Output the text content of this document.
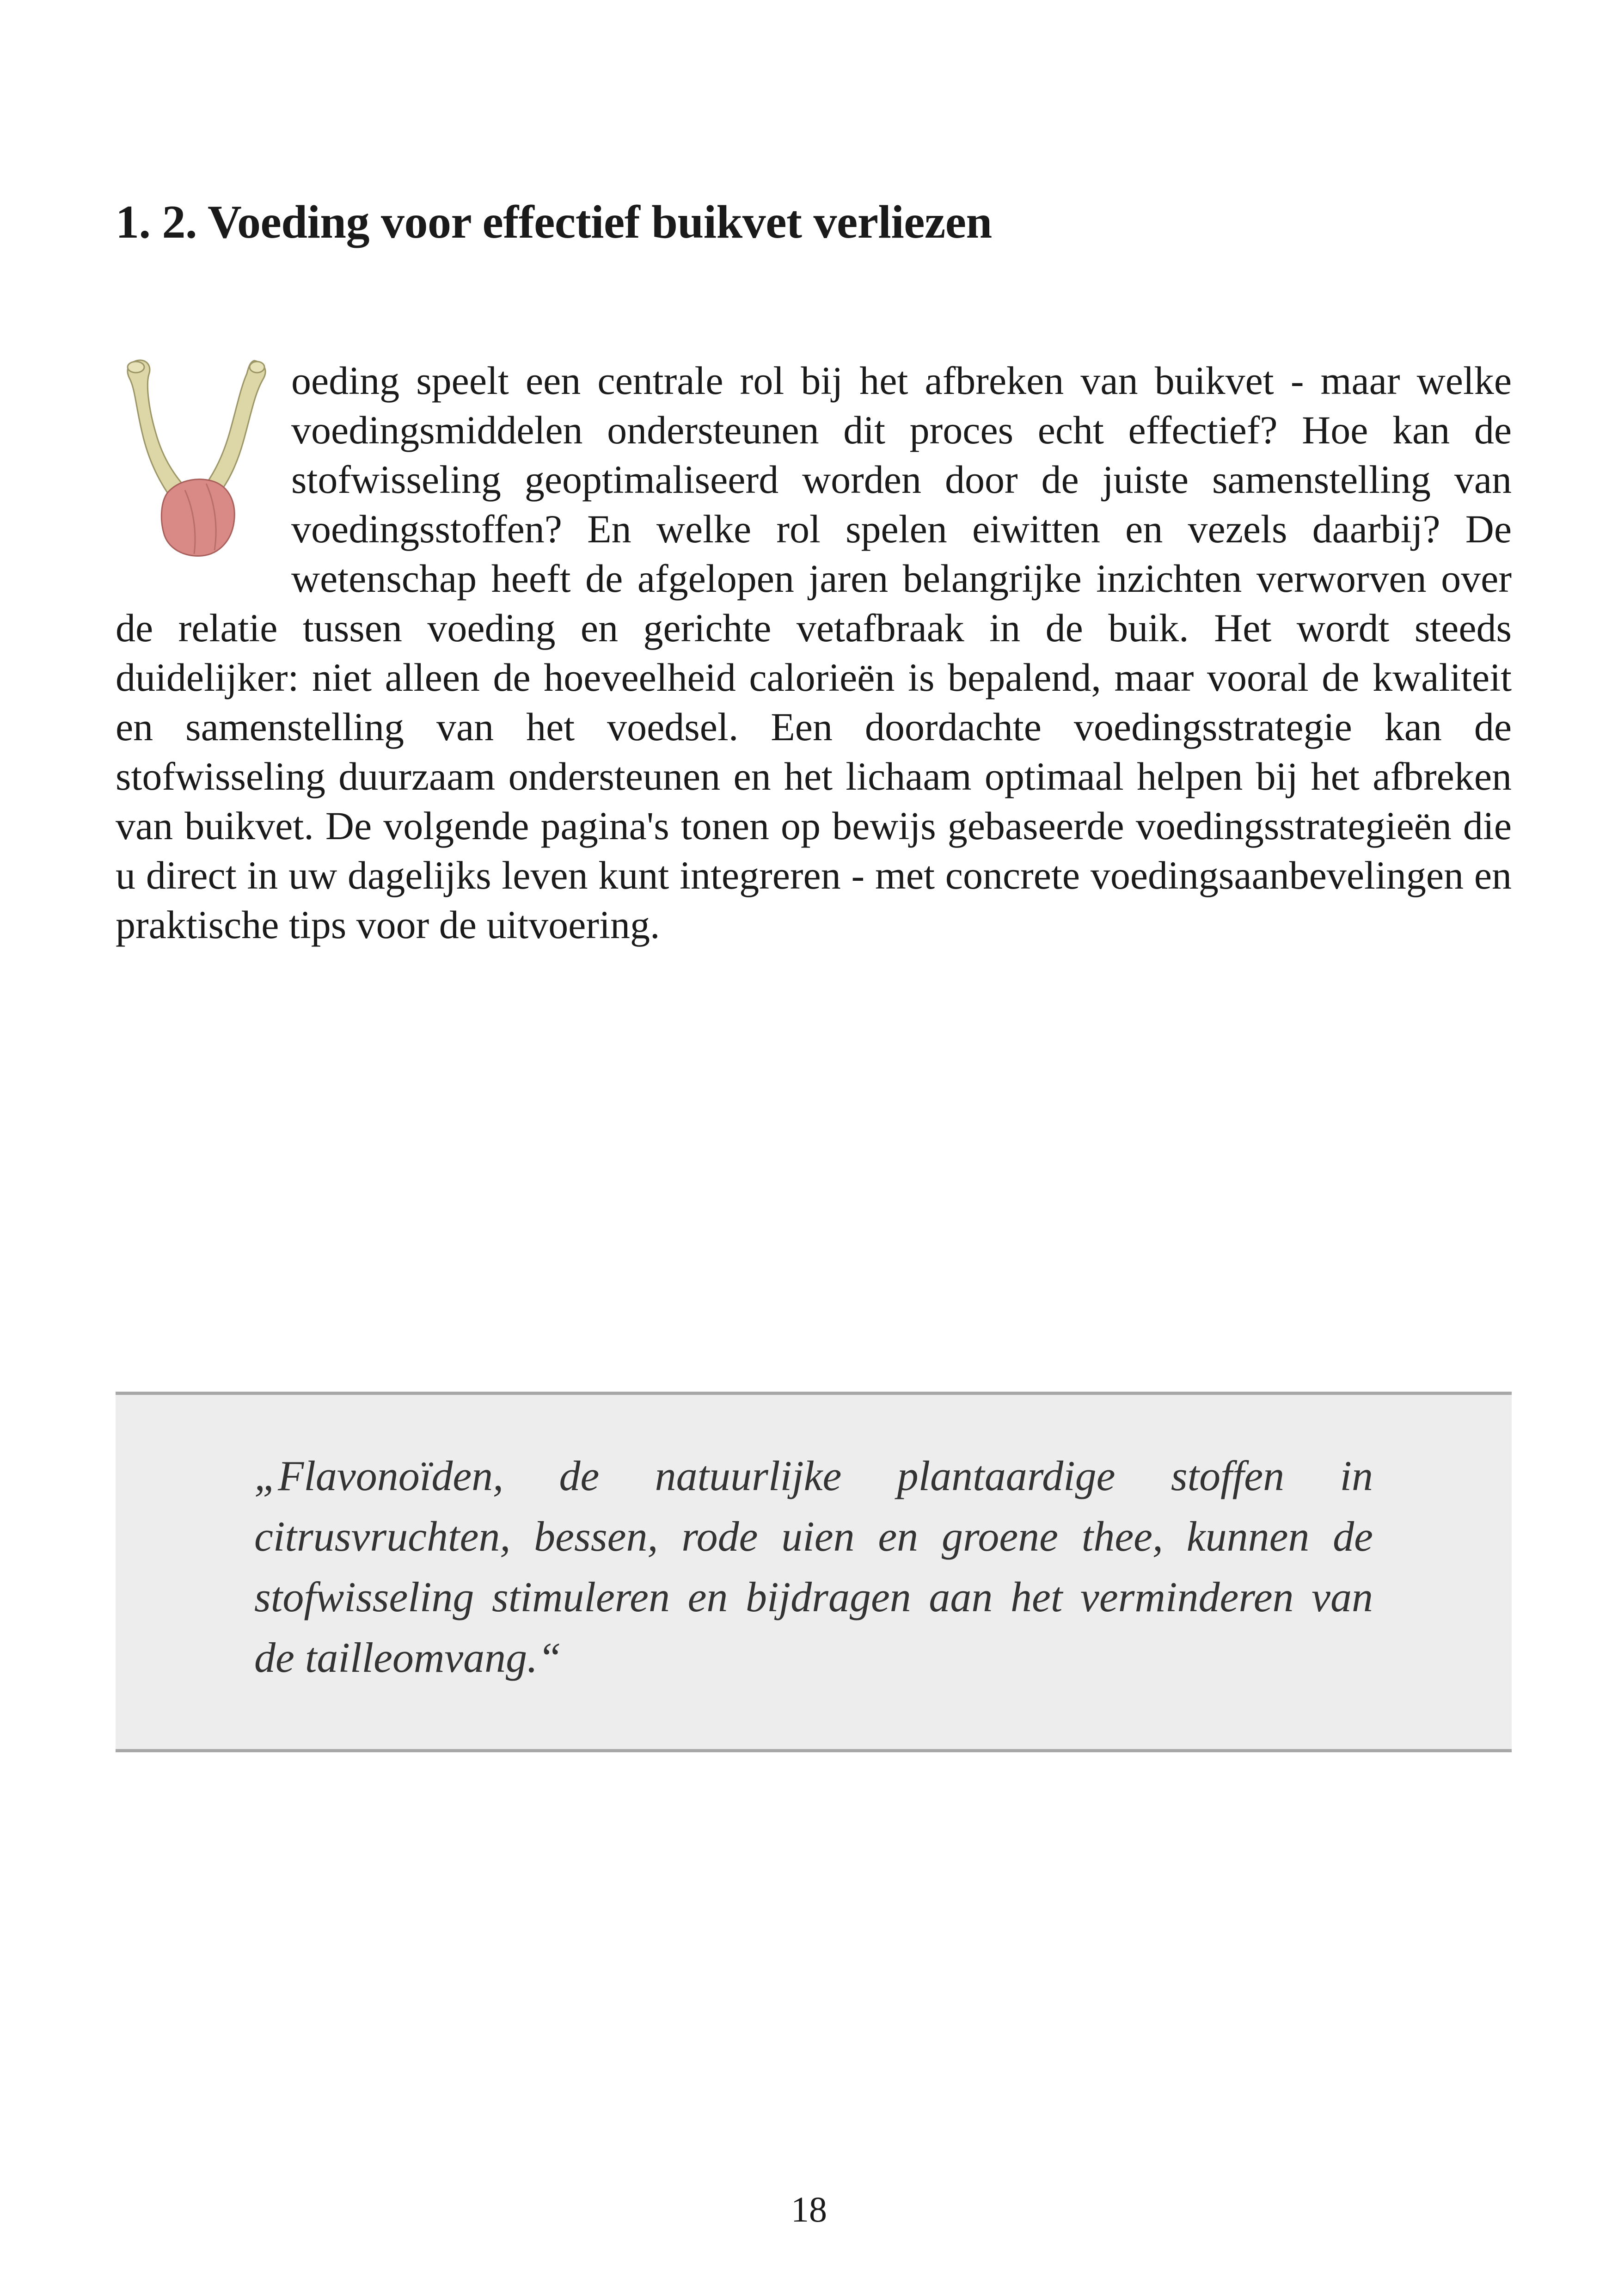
1. 2. Voeding voor effectief buikvet verliezen
oeding speelt een centrale rol bij het afbreken van buikvet - maar welke voedingsmiddelen ondersteunen dit proces echt effectief? Hoe kan de stofwisseling geoptimaliseerd worden door de juiste samenstelling van voedingsstoffen? En welke rol spelen eiwitten en vezels daarbij? De wetenschap heeft de afgelopen jaren belangrijke inzichten verworven over de relatie tussen voeding en gerichte vetafbraak in de buik. Het wordt steeds duidelijker: niet alleen de hoeveelheid calorieën is bepalend, maar vooral de kwaliteit en samenstelling van het voedsel. Een doordachte voedingsstrategie kan de stofwisseling duurzaam ondersteunen en het lichaam optimaal helpen bij het afbreken van buikvet. De volgende pagina's tonen op bewijs gebaseerde voedingsstrategieën die u direct in uw dagelijks leven kunt integreren - met concrete voedingsaanbevelingen en praktische tips voor de uitvoering.

„Flavonoïden, de natuurlijke plantaardige stoffen in citrusvruchten, bessen, rode uien en groene thee, kunnen de stofwisseling stimuleren en bijdragen aan het verminderen van de tailleomvang.“

18
